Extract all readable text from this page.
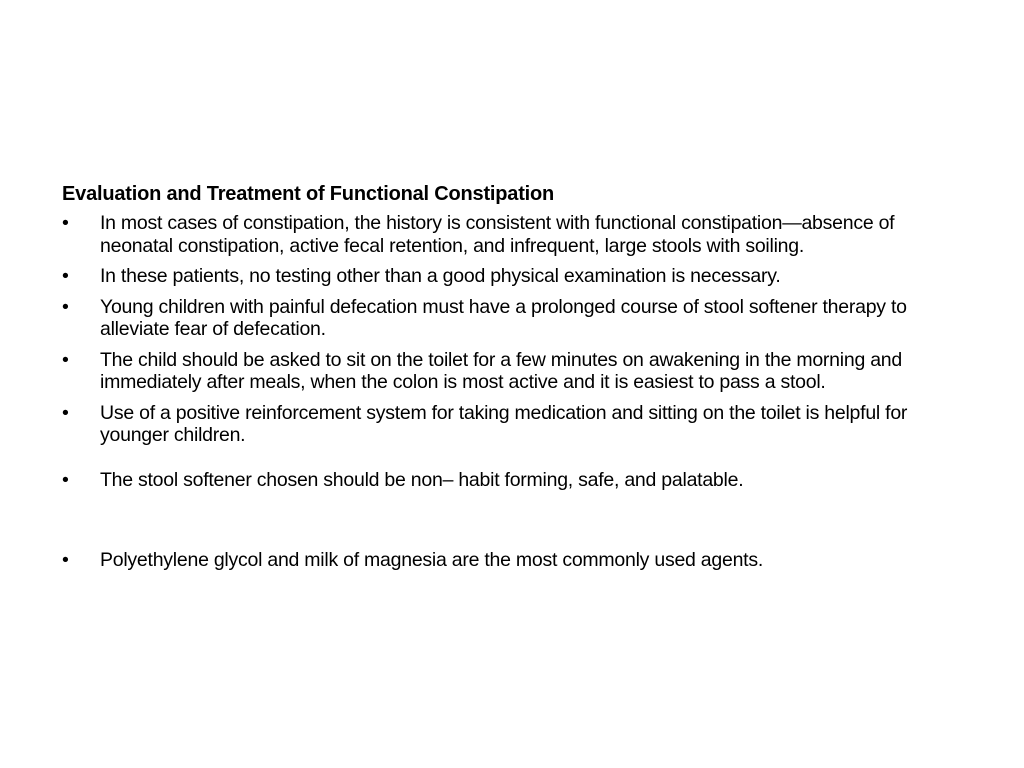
Evaluation and Treatment of Functional Constipation
•	In most cases of constipation, the history is consistent with functional constipation—absence of neonatal constipation, active fecal retention, and infrequent, large stools with soiling.
•	In these patients, no testing other than a good physical examination is necessary.
•	Young children with painful defecation must have a prolonged course of stool softener therapy to alleviate fear of defecation.
•	The child should be asked to sit on the toilet for a few minutes on awakening in the morning and immediately after meals, when the colon is most active and it is easiest to pass a stool.
•	Use of a positive reinforcement system for taking medication and sitting on the toilet is helpful for younger children.
•	The stool softener chosen should be non– habit forming, safe, and palatable.
•	Polyethylene glycol and milk of magnesia are the most commonly used agents.
